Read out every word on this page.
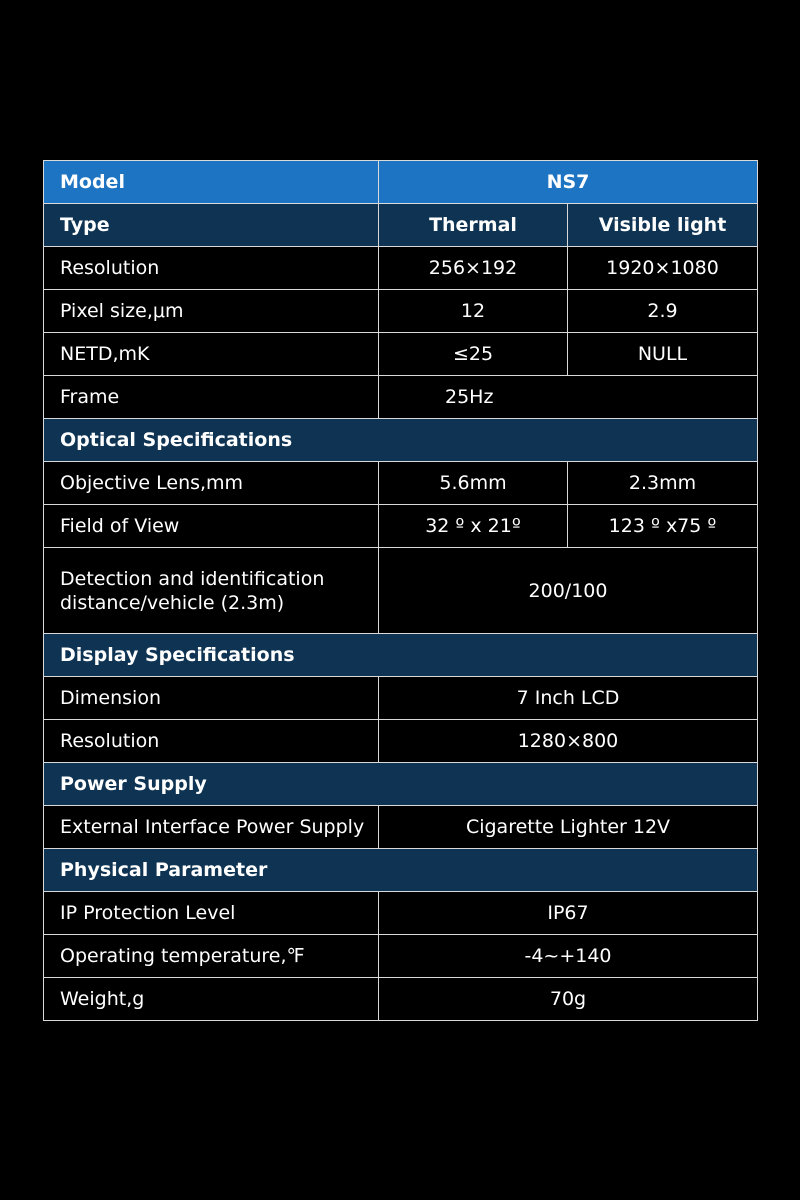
Model	NS7	
Type	Thermal	Visible light
Resolution	256×192	1920×1080
Pixel size,μm	12	2.9
NETD,mK	≤25	NULL
Frame	25Hz	
Optical Specifications		
Objective Lens,mm	5.6mm	2.3mm
Field of View	32 º x 21º	123 º x75 º

Detection and identification
distance/vehicle (2.3m)	200/100	
Display Specifications		
Dimension	7 Inch LCD	
Resolution	1280×800	
Power Supply		
External Interface Power Supply	Cigarette Lighter 12V	
Physical Parameter		
IP Protection Level	IP67	
Operating temperature,℉	-4~+140	
Weight,g	70g	
